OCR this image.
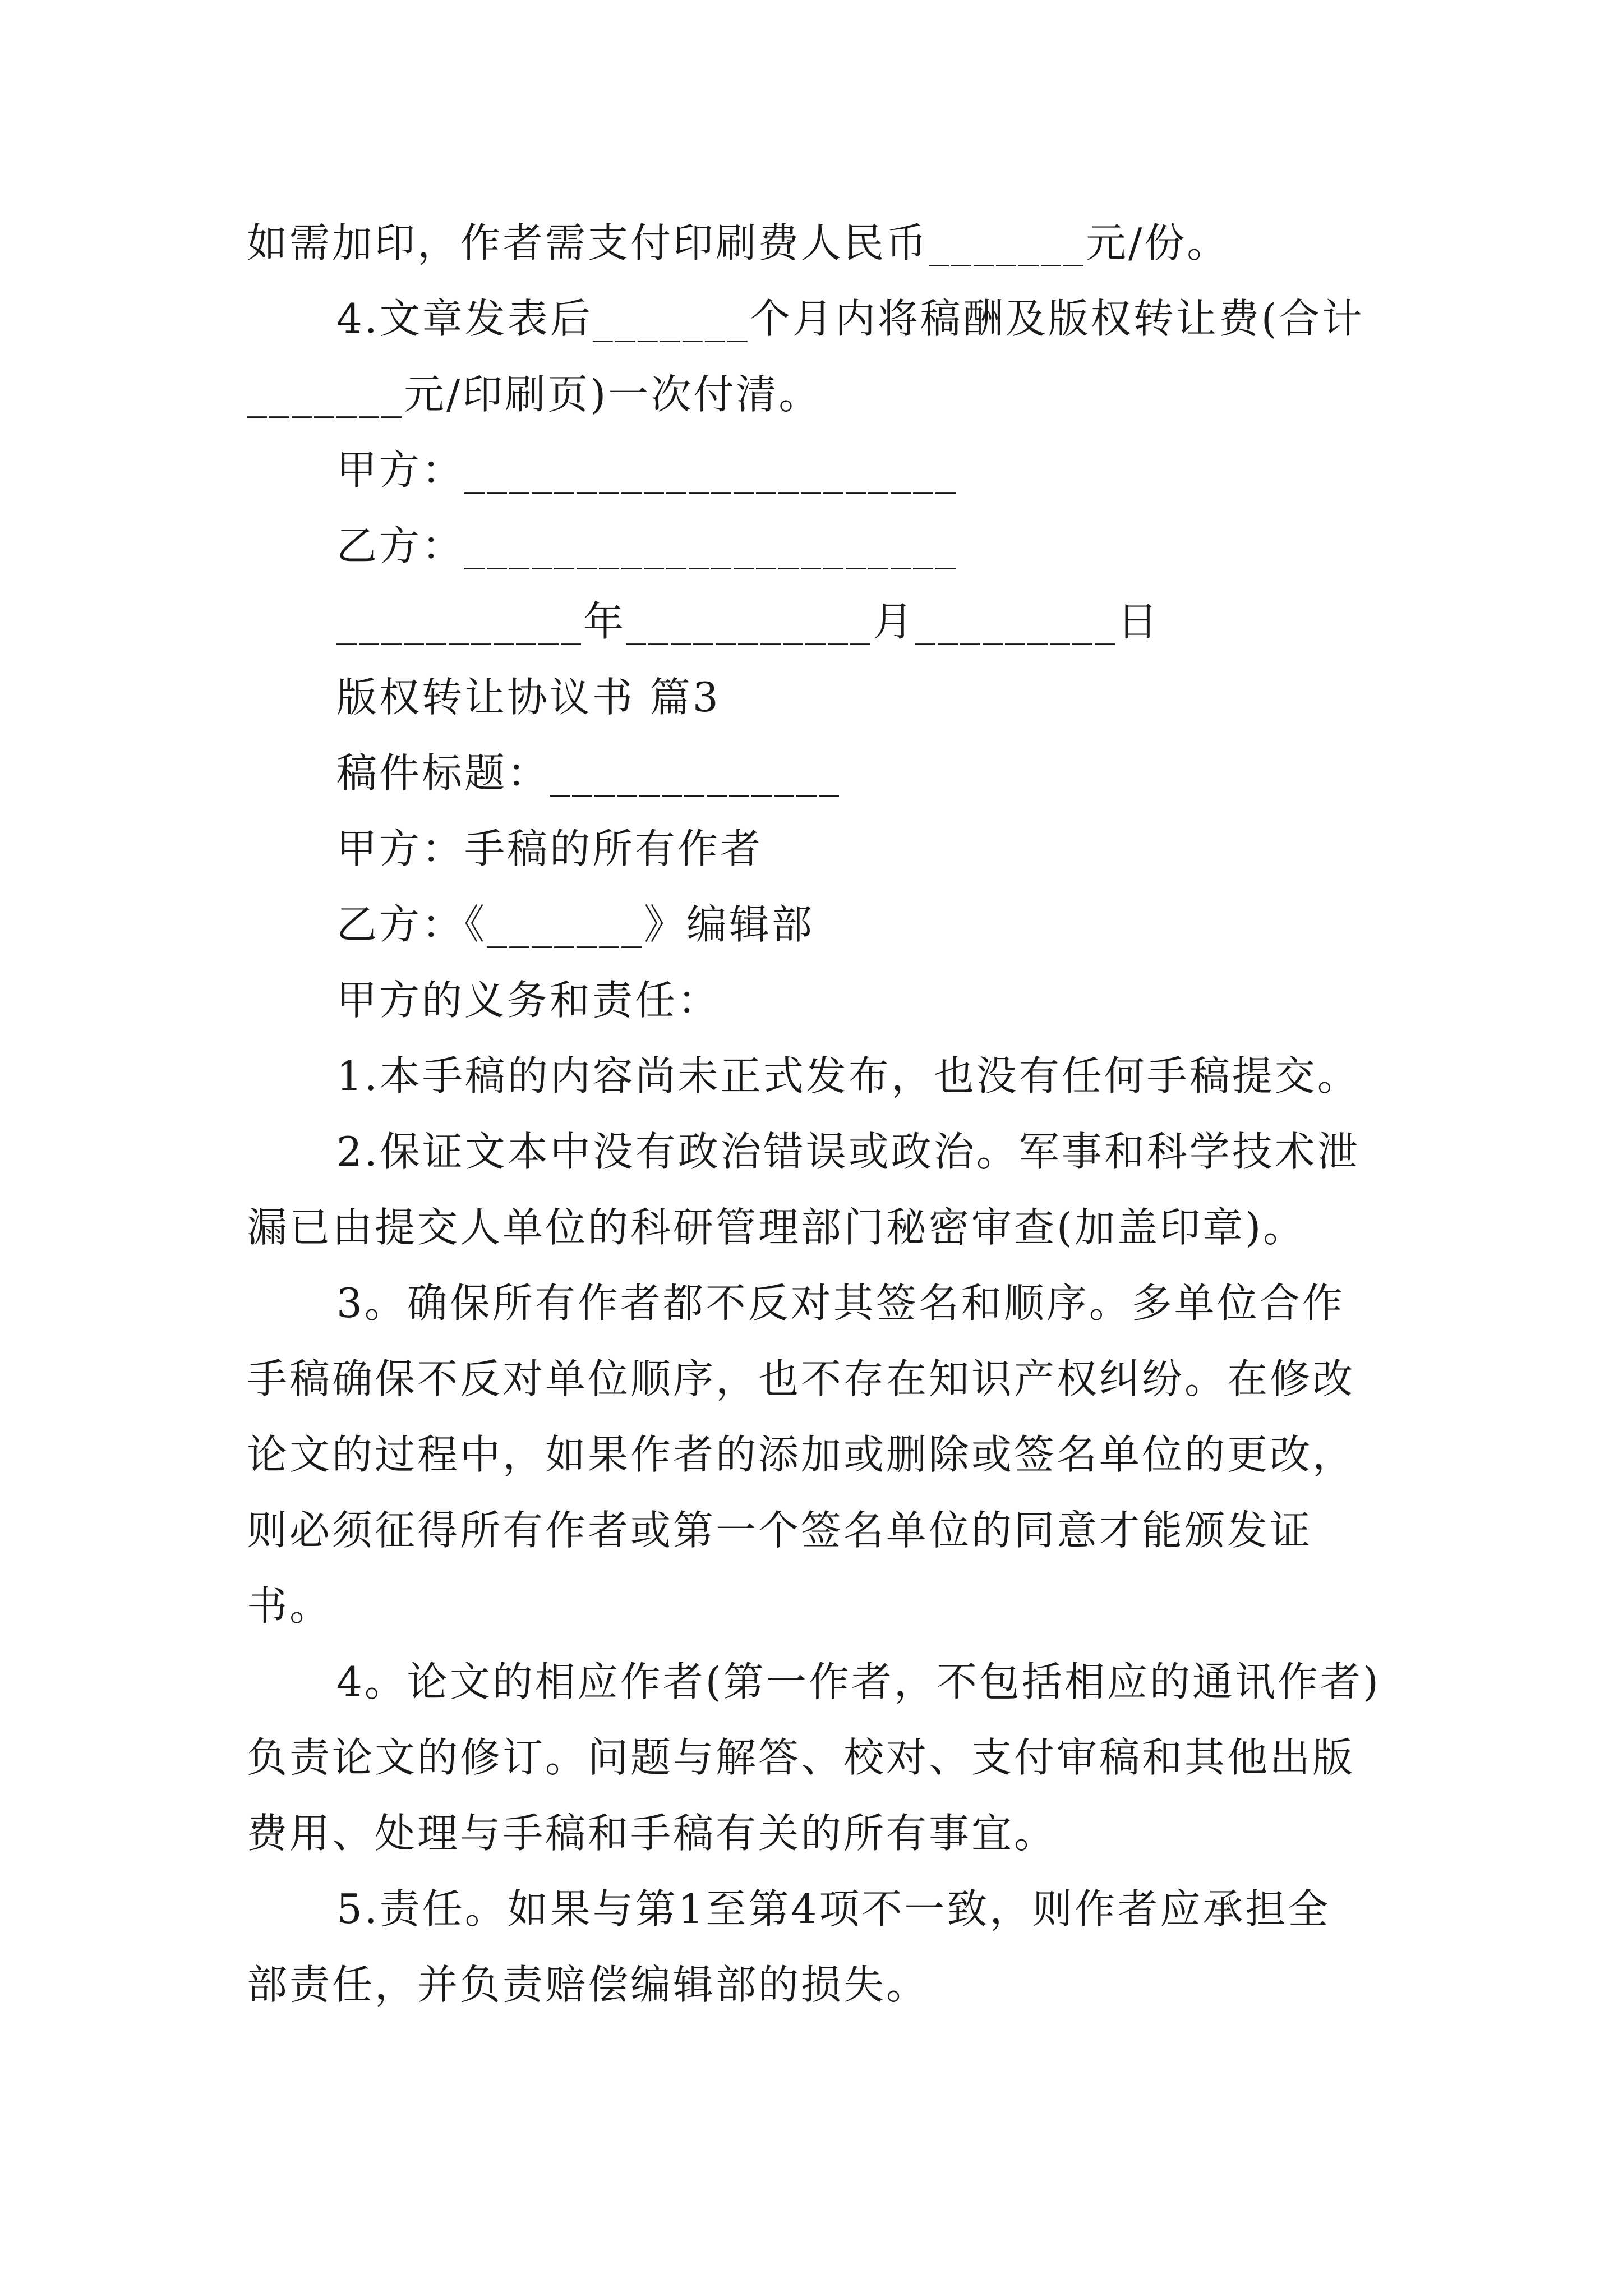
如需加印，作者需支付印刷费人民币_______元/份。
4.文章发表后_______个月内将稿酬及版权转让费(合计
_______元/印刷页)一次付清。
甲方：______________________
乙方：______________________
___________年___________月_________日
版权转让协议书 篇3
稿件标题：_____________
甲方：手稿的所有作者
乙方：《_______》编辑部
甲方的义务和责任：
1.本手稿的内容尚未正式发布，也没有任何手稿提交。
2.保证文本中没有政治错误或政治。军事和科学技术泄
漏已由提交人单位的科研管理部门秘密审查(加盖印章)。
3。确保所有作者都不反对其签名和顺序。多单位合作
手稿确保不反对单位顺序，也不存在知识产权纠纷。在修改
论文的过程中，如果作者的添加或删除或签名单位的更改，
则必须征得所有作者或第一个签名单位的同意才能颁发证
书。
4。论文的相应作者(第一作者，不包括相应的通讯作者)
负责论文的修订。问题与解答、校对、支付审稿和其他出版
费用、处理与手稿和手稿有关的所有事宜。
5.责任。如果与第1至第4项不一致，则作者应承担全
部责任，并负责赔偿编辑部的损失。
